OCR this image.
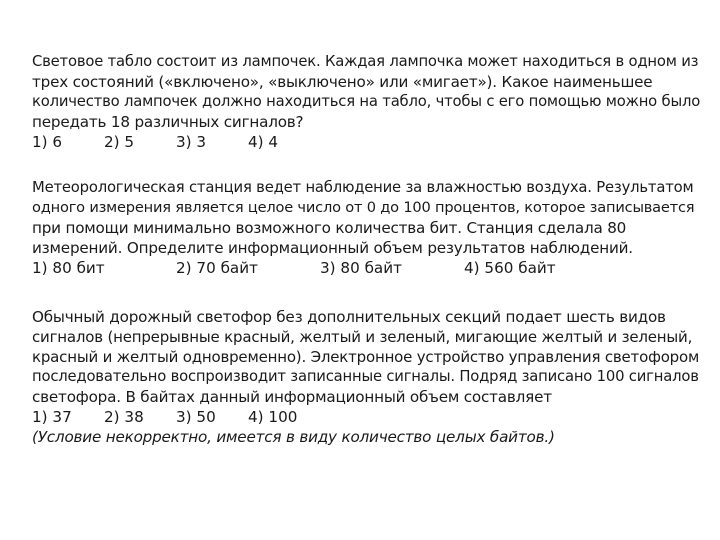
Световое табло состоит из лампочек. Каждая лампочка может находиться в одном из
трех состояний («включено», «выключено» или «мигает»). Какое наименьшее
количество лампочек должно находиться на табло, чтобы с его помощью можно было
передать 18 различных сигналов?
1) 6	2) 5	3) 3	4) 4
Метеорологическая станция ведет наблюдение за влажностью воздуха. Результатом
одного измерения является целое число от 0 до 100 процентов, которое записывается
при помощи минимально возможного количества бит. Станция сделала 80
измерений. Определите информационный объем результатов наблюдений.
1) 80 бит	2) 70 байт	3) 80 байт	4) 560 байт
Обычный дорожный светофор без дополнительных секций подает шесть видов
сигналов (непрерывные красный, желтый и зеленый, мигающие желтый и зеленый,
красный и желтый одновременно). Электронное устройство управления светофором
последовательно воспроизводит записанные сигналы. Подряд записано 100 сигналов
светофора. В байтах данный информационный объем составляет
1) 37 2) 38 3) 50 4) 100
(Условие некорректно, имеется в виду количество целых байтов.)
